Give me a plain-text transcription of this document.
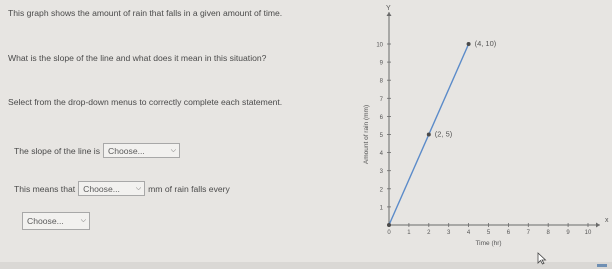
This graph shows the amount of rain that falls in a given amount of time.

What is the slope of the line and what does it mean in this situation?

Select from the drop-down menus to correctly complete each statement.

The slope of the line is Choose...	⌵
This means that Choose... ⌵ mm of rain falls every
Choose... ⌵	x
Y
0	1	2	3	4	5	6	7	8	9 10
1
2
3
4
5
6
7
8
9
10
Time (hr)
Amount of rain (mm)	(2, 5)
(4, 10)
